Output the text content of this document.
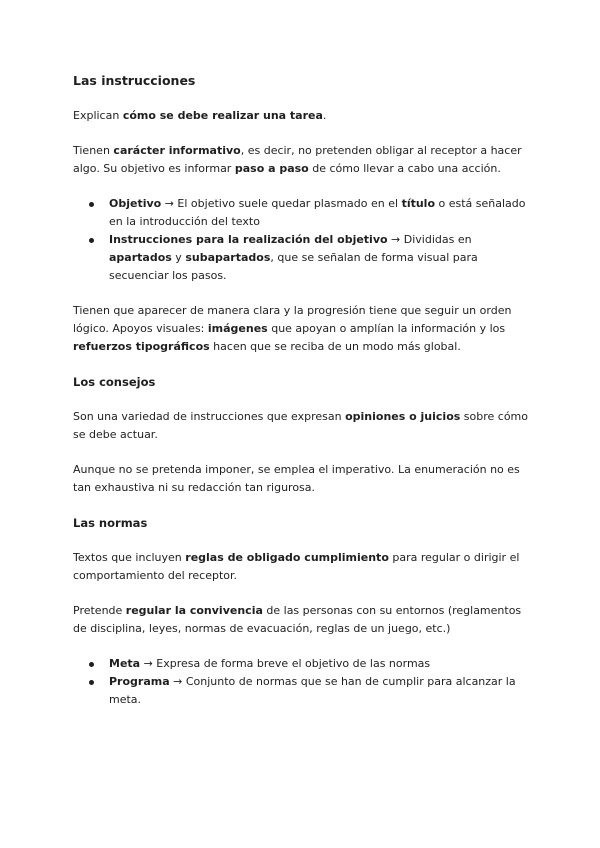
Las instrucciones

Explican cómo se debe realizar una tarea.

Tienen carácter informativo, es decir, no pretenden obligar al receptor a hacer algo. Su objetivo es informar paso a paso de cómo llevar a cabo una acción.

Objetivo → El objetivo suele quedar plasmado en el título o está señalado en la introducción del texto
Instrucciones para la realización del objetivo → Divididas en apartados y subapartados, que se señalan de forma visual para secuenciar los pasos.

Tienen que aparecer de manera clara y la progresión tiene que seguir un orden lógico. Apoyos visuales: imágenes que apoyan o amplían la información y los refuerzos tipográficos hacen que se reciba de un modo más global.

Los consejos

Son una variedad de instrucciones que expresan opiniones o juicios sobre cómo se debe actuar.

Aunque no se pretenda imponer, se emplea el imperativo. La enumeración no es tan exhaustiva ni su redacción tan rigurosa.

Las normas

Textos que incluyen reglas de obligado cumplimiento para regular o dirigir el comportamiento del receptor.

Pretende regular la convivencia de las personas con su entornos (reglamentos de disciplina, leyes, normas de evacuación, reglas de un juego, etc.)

Meta → Expresa de forma breve el objetivo de las normas
Programa → Conjunto de normas que se han de cumplir para alcanzar la meta.
